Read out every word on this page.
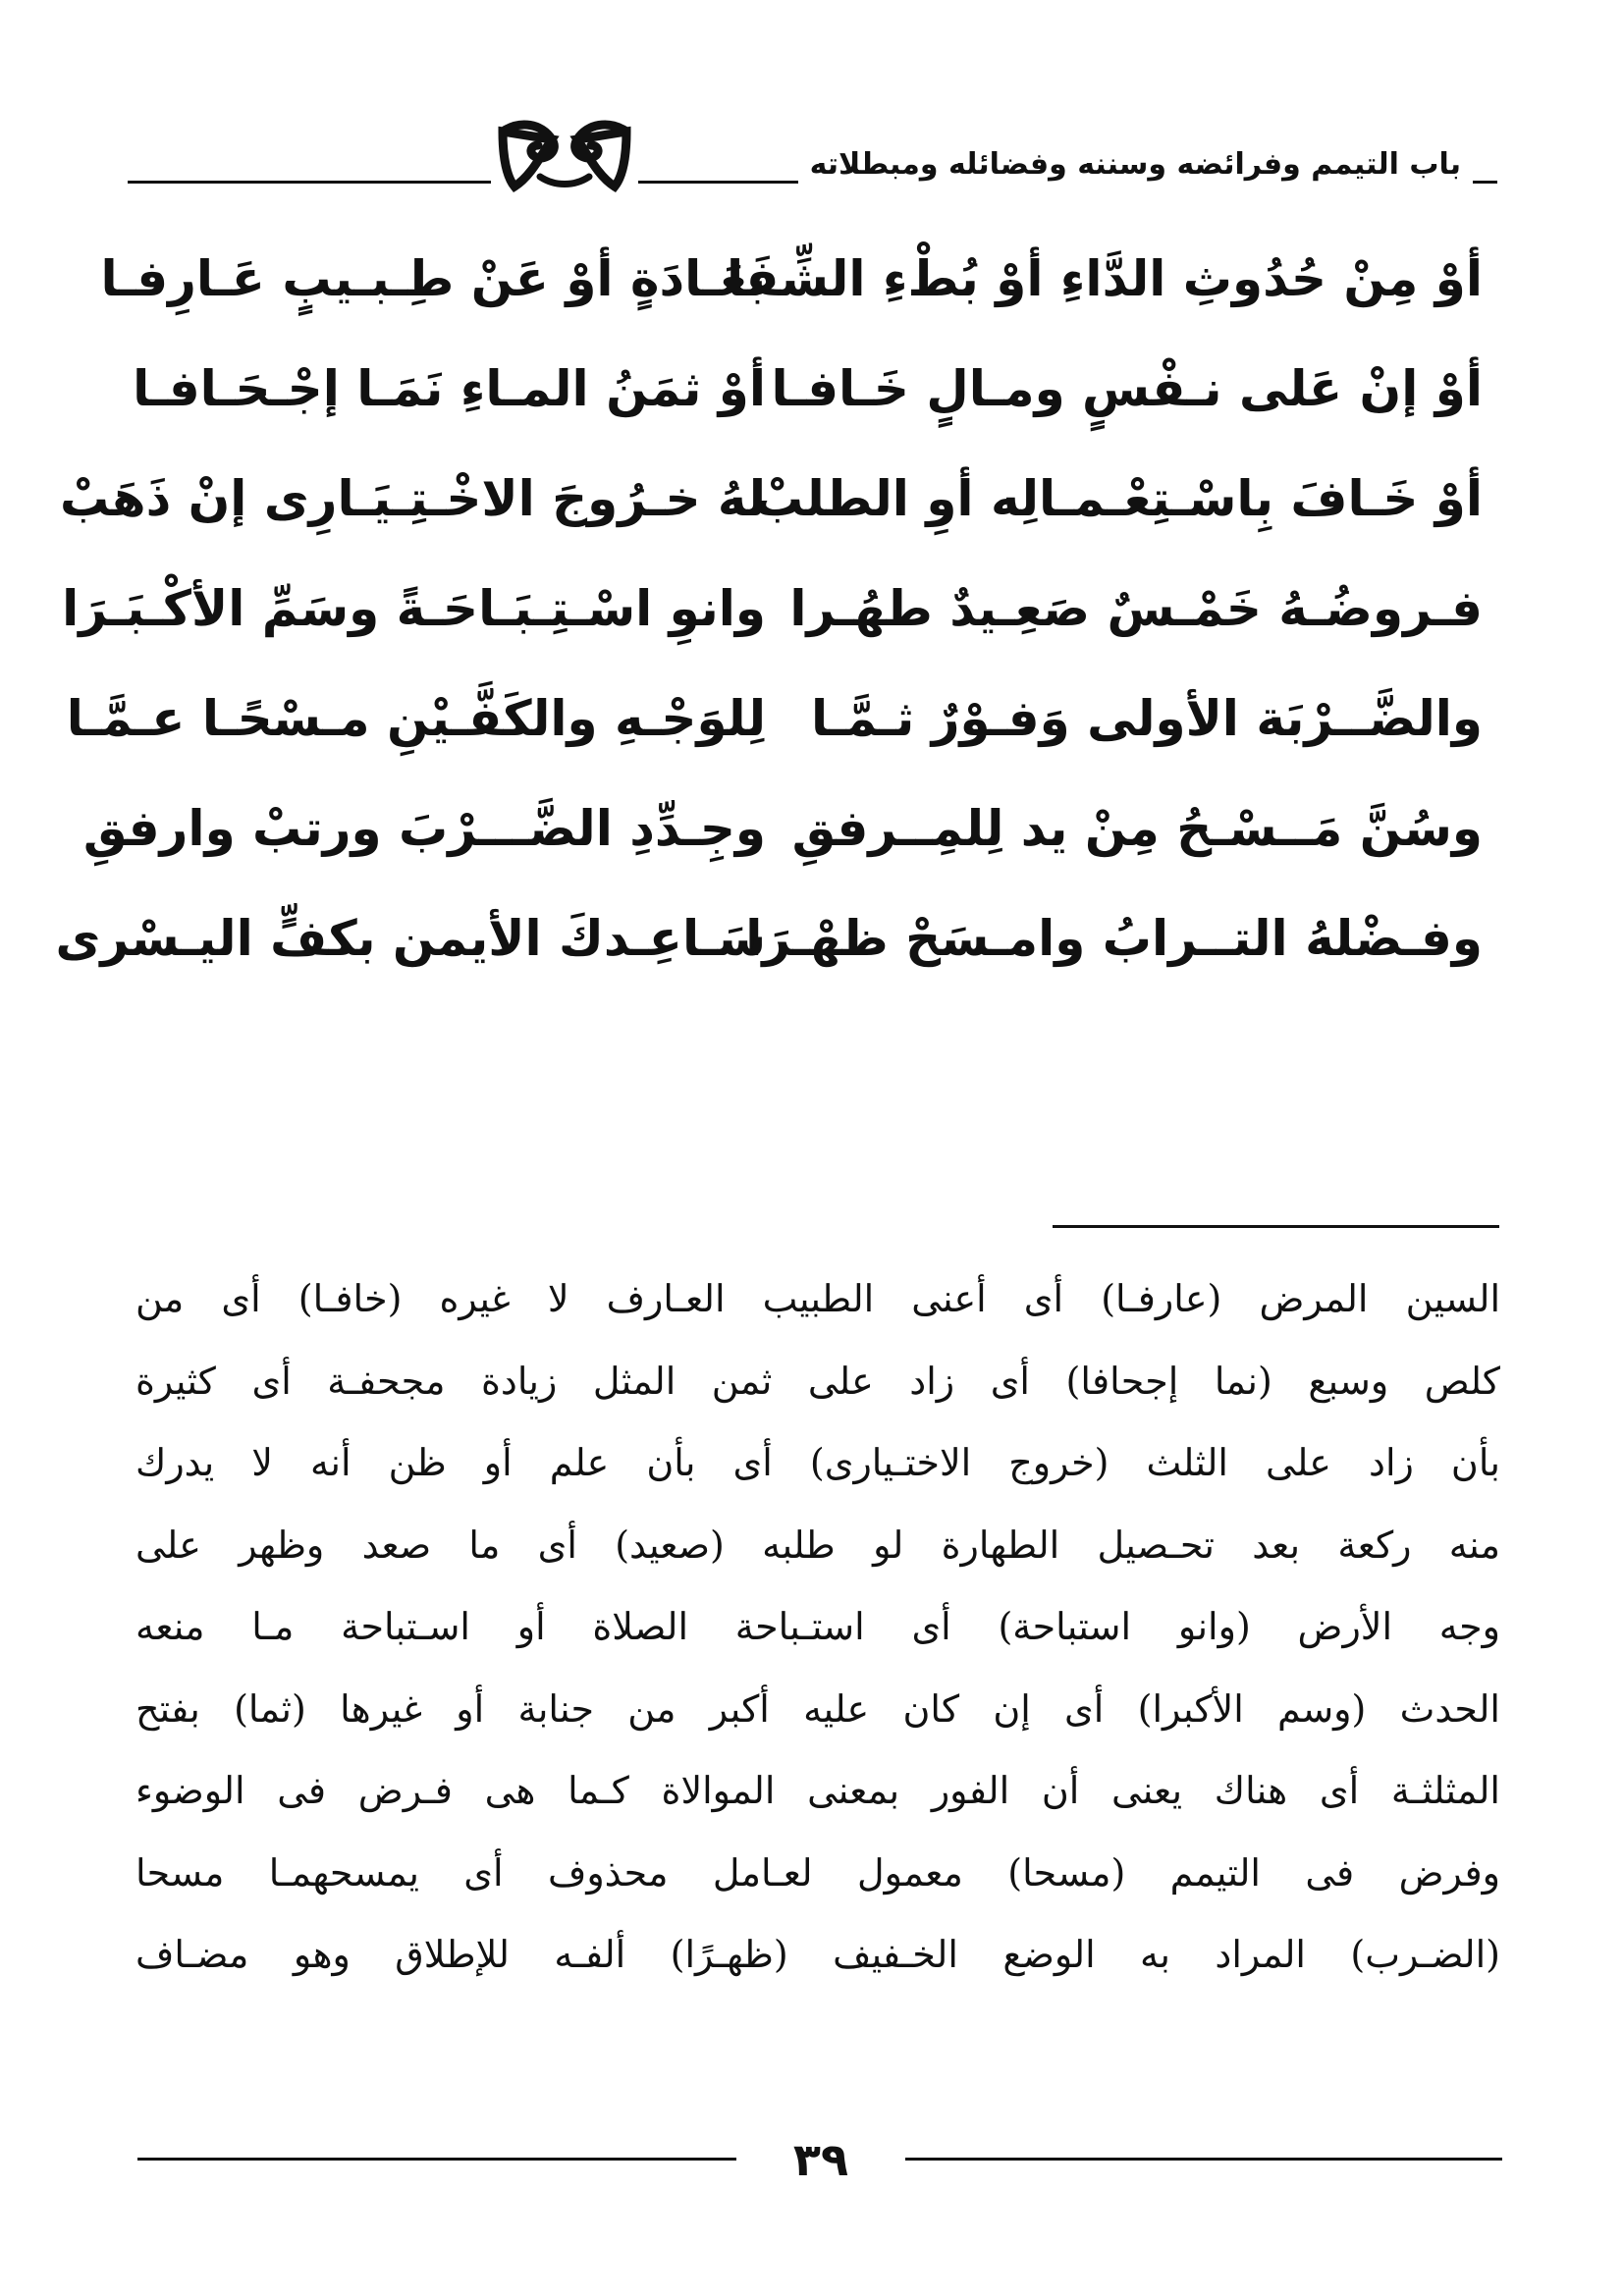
باب التيمم وفرائضه وسننه وفضائله ومبطلاته
أوْ مِنْ حُدُوثِ الدَّاءِ أوْ بُطْءِ الشِّفَا
بعَـادَةٍ أوْ عَنْ طِـبـيبٍ عَـارِفـا
أوْ إنْ عَلى نـفْسٍ ومـالٍ خَـافـا
أوْ ثمَنُ المـاءِ نَمَـا إجْـحَـافـا
أوْ خَـافَ بِاسْـتِعْـمـالِه أوِ الطلبْ
لهُ خـرُوجَ الاخْـتِـيَـارِى إنْ ذَهَبْ
فـروضُـهُ خَمْـسٌ صَعِـيدٌ طهُـرا
وانوِ اسْـتِـبَـاحَـةً وسَمِّ الأكْـبَـرَا
والضَّــرْبَة الأولى وَفـوْرٌ ثـمَّـا
لِلوَجْـهِ والكَفَّـيْنِ مـسْحًـا عـمَّـا
وسُنَّ مَــسْـحُ مِنْ يد لِلمِــرفقِ
وجِـدِّدِ الضَّـــرْبَ ورتبْ وارفقِ
وفـضْلهُ التــرابُ وامـسَحْ ظهْـرَا
سَـاعِـدكَ الأيمن بكفٍّ اليـسْرى
السين المرض (عارفـا) أى أعنى الطبيب العـارف لا غيره (خافـا) أى من
كلص وسبع (نما إجحافا) أى زاد على ثمن المثل زيادة مجحفـة أى كثيرة
بأن زاد على الثلث (خروج الاختـيارى) أى بأن علم أو ظن أنه لا يدرك
منه ركعة بعد تحـصيل الطهارة لو طلبه (صعيد) أى ما صعد وظهر على
وجه الأرض (وانو استباحة) أى استـباحة الصلاة أو اسـتباحة مـا منعه
الحدث (وسم الأكبرا) أى إن كان عليه أكبر من جنابة أو غيرها (ثما) بفتح
المثلثـة أى هناك يعنى أن الفور بمعنى الموالاة كـما هى فـرض فى الوضوء
وفرض فى التيمم (مسحا) معمول لعـامل محذوف أى يمسحهمـا مسحا
(الضـرب) المراد به الوضع الخـفيف (ظهـرًا) ألفـه للإطلاق وهو مضـاف
٣٩
